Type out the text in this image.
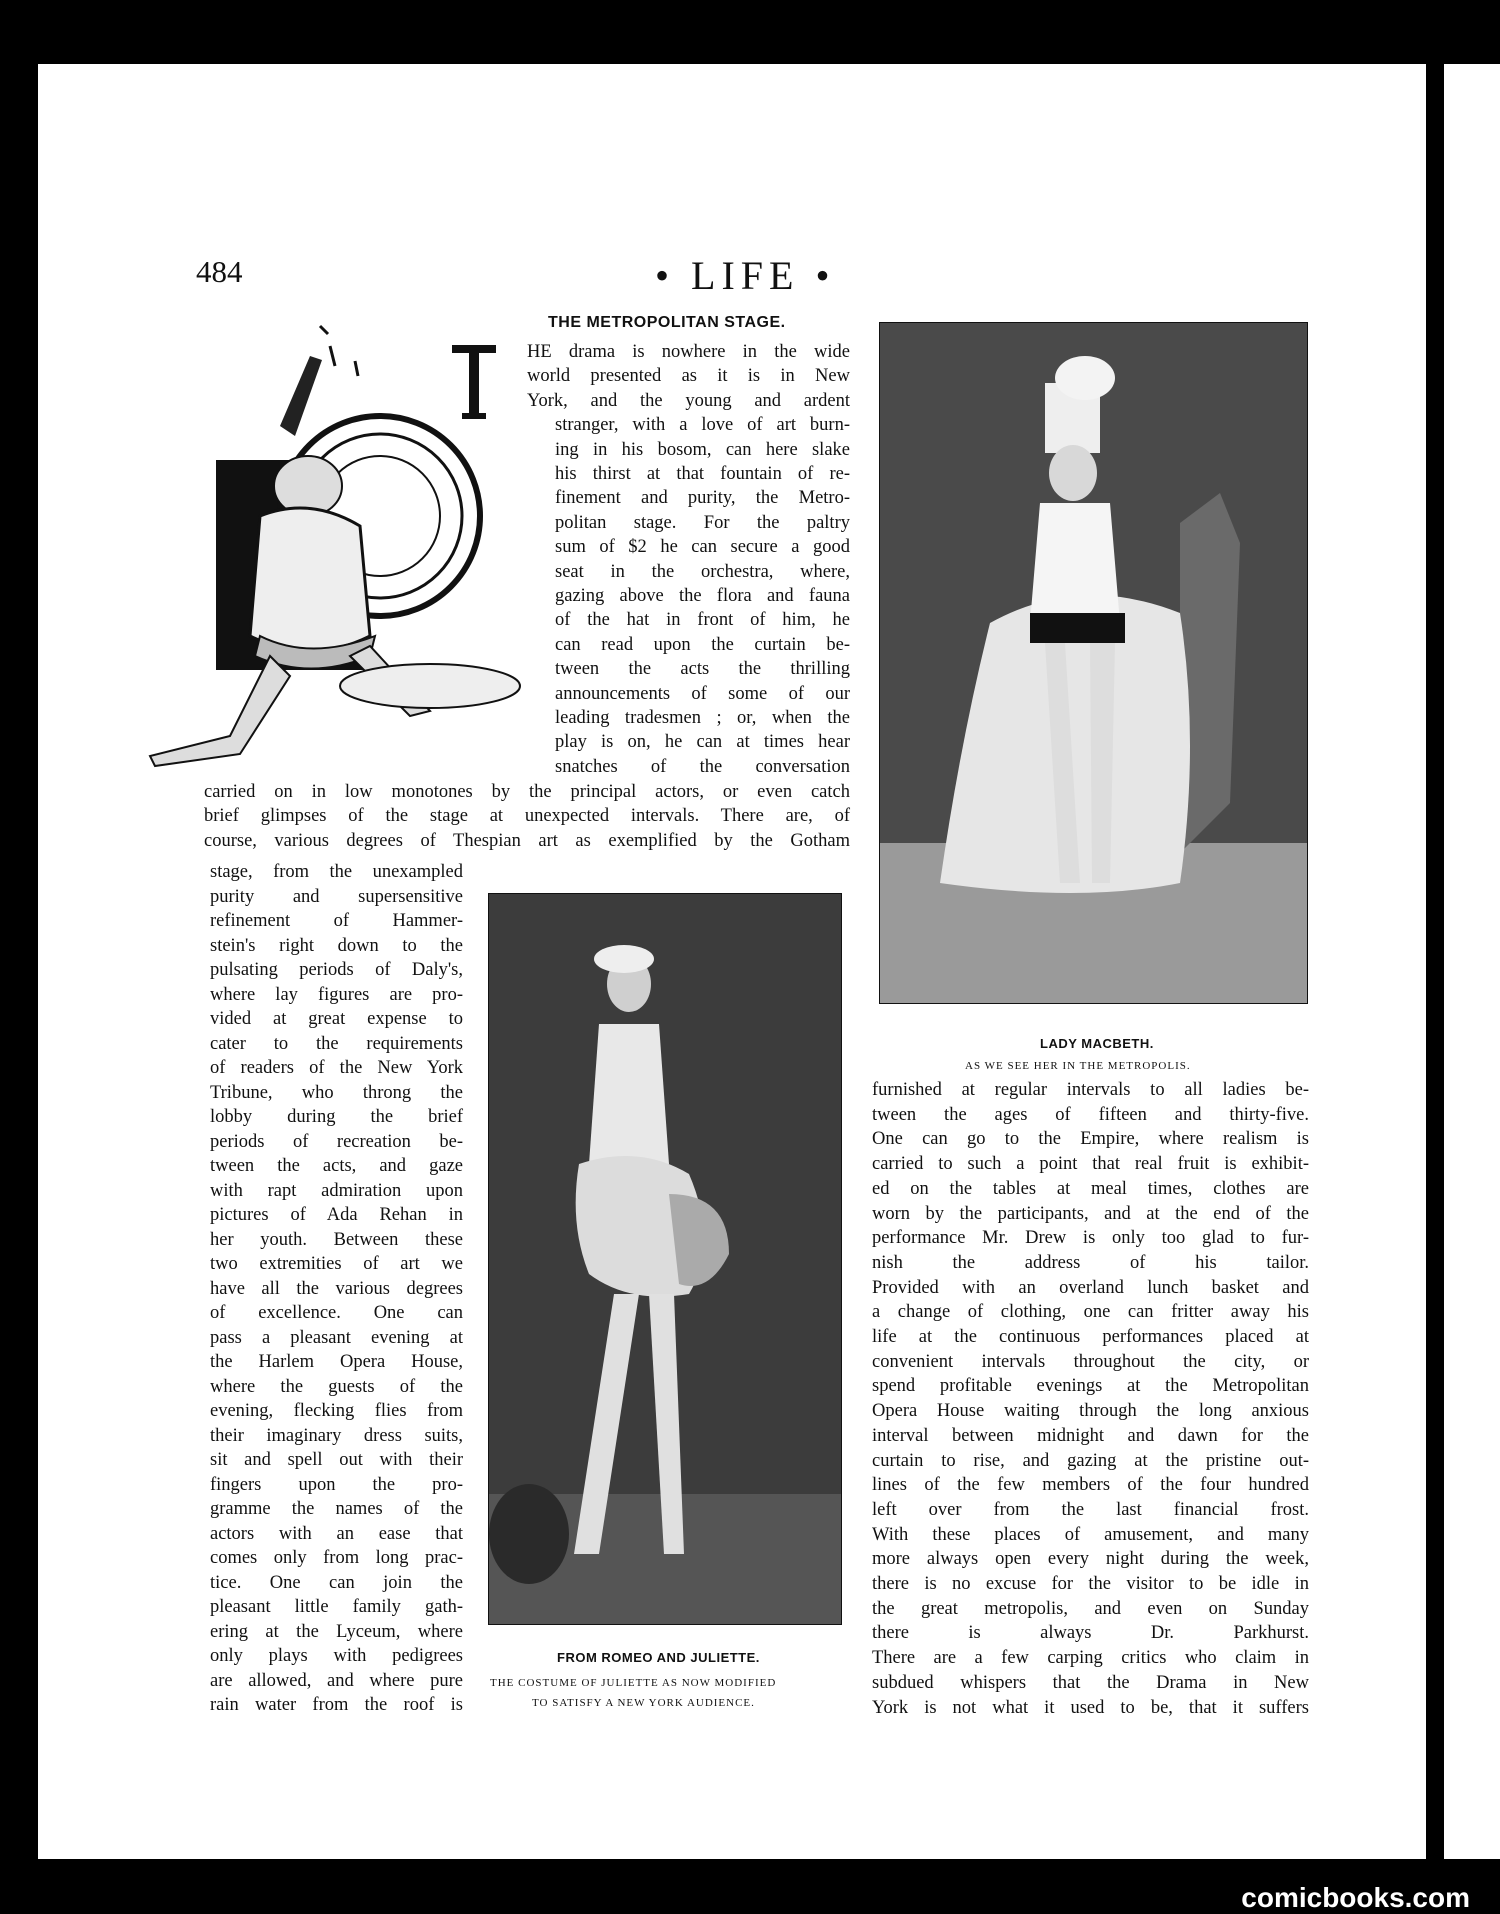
484	• LIFE •
THE METROPOLITAN STAGE.
LADY MACBETH.
AS WE SEE HER IN THE METROPOLIS.
FROM ROMEO AND JULIETTE.
THE COSTUME OF JULIETTE AS NOW MODIFIED
TO SATISFY A NEW YORK AUDIENCE.
HE drama is nowhere in the wide
world presented as it is in New
York, and the young and ardent
stranger, with a love of art burn-
ing in his bosom, can here slake
his thirst at that fountain of re-
finement and purity, the Metro-
politan stage. For the paltry
sum of $2 he can secure a good
seat in the orchestra, where,
gazing above the flora and fauna
of the hat in front of him, he
can read upon the curtain be-
tween the acts the thrilling
announcements of some of our
leading tradesmen ; or, when the
play is on, he can at times hear
snatches of the conversation
carried on in low monotones by the principal actors, or even catch
brief glimpses of the stage at unexpected intervals. There are, of
course, various degrees of Thespian art as exemplified by the Gotham
stage, from the unexampled
purity and supersensitive
refinement of Hammer-
stein's right down to the
pulsating periods of Daly's,
where lay figures are pro-
vided at great expense to
cater to the requirements
of readers of the New York
Tribune, who throng the
lobby during the brief
periods of recreation be-
tween the acts, and gaze
with rapt admiration upon
pictures of Ada Rehan in
her youth. Between these
two extremities of art we
have all the various degrees
of excellence. One can
pass a pleasant evening at
the Harlem Opera House,
where the guests of the
evening, flecking flies from
their imaginary dress suits,
sit and spell out with their
fingers upon the pro-
gramme the names of the
actors with an ease that
comes only from long prac-
tice. One can join the
pleasant little family gath-
ering at the Lyceum, where
only plays with pedigrees
are allowed, and where pure
rain water from the roof is
furnished at regular intervals to all ladies be-
tween the ages of fifteen and thirty-five.
One can go to the Empire, where realism is
carried to such a point that real fruit is exhibit-
ed on the tables at meal times, clothes are
worn by the participants, and at the end of the
performance Mr. Drew is only too glad to fur-
nish the address of his tailor.
Provided with an overland lunch basket and
a change of clothing, one can fritter away his
life at the continuous performances placed at
convenient intervals throughout the city, or
spend profitable evenings at the Metropolitan
Opera House waiting through the long anxious
interval between midnight and dawn for the
curtain to rise, and gazing at the pristine out-
lines of the few members of the four hundred
left over from the last financial frost.
With these places of amusement, and many
more always open every night during the week,
there is no excuse for the visitor to be idle in
the great metropolis, and even on Sunday
there is always Dr. Parkhurst.
There are a few carping critics who claim in
subdued whispers that the Drama in New
York is not what it used to be, that it suffers
comicbooks.com
